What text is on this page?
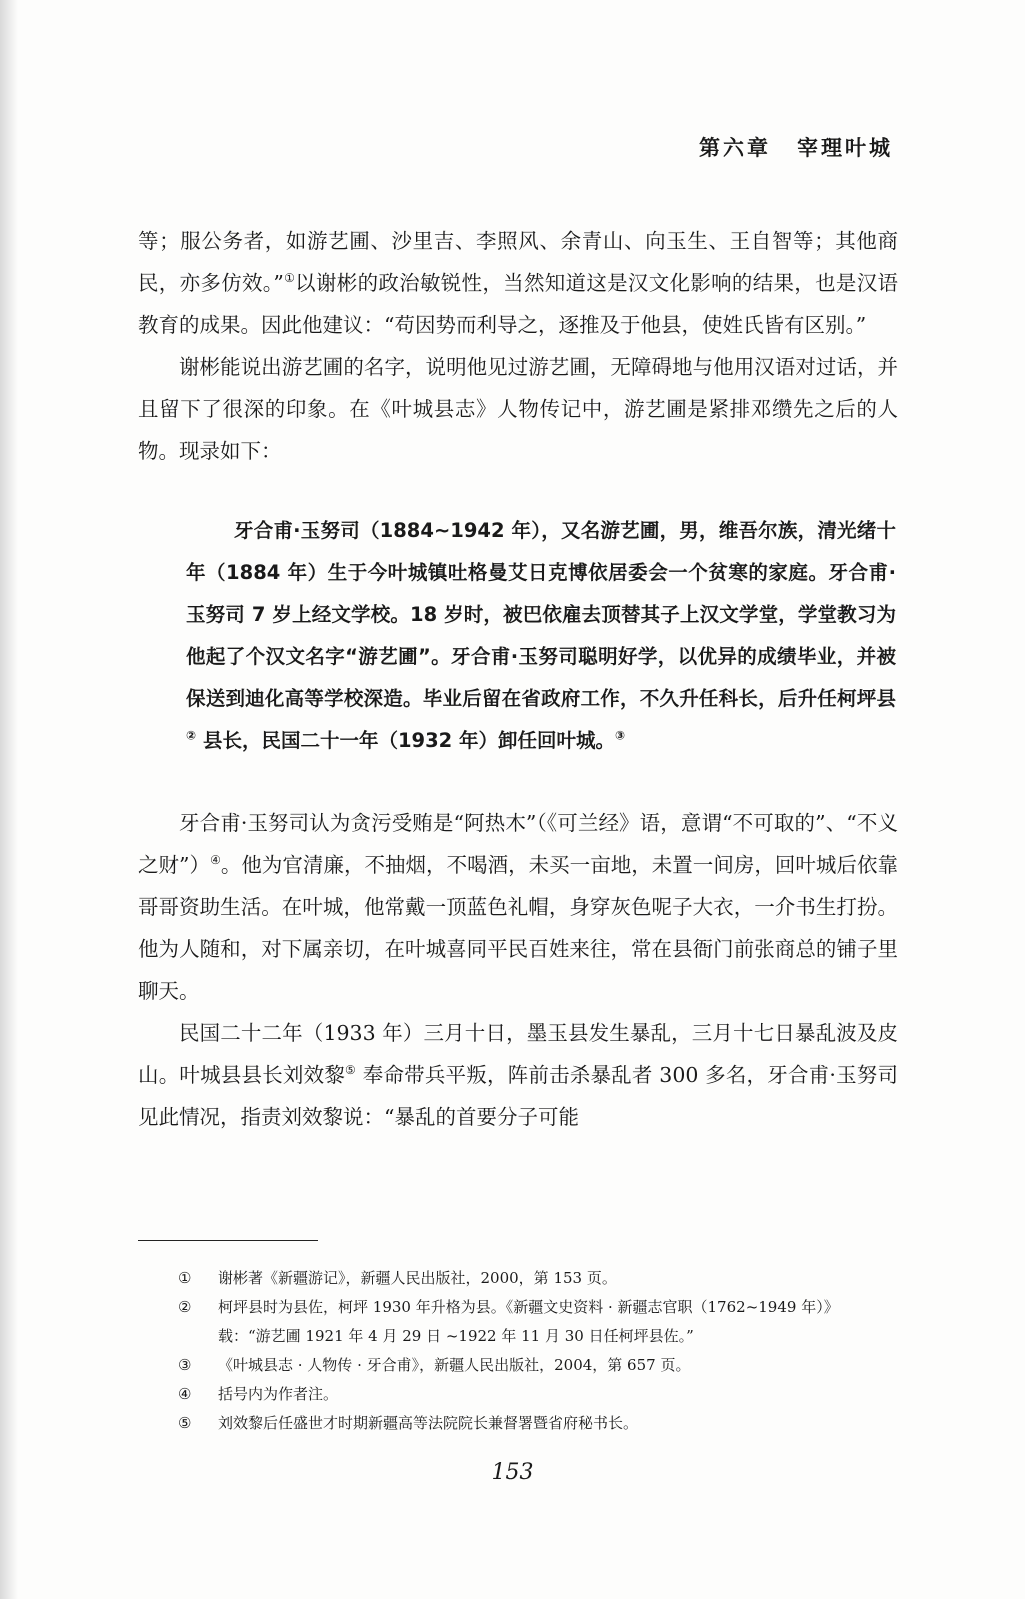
第六章 宰理叶城

等；服公务者，如游艺圃、沙里吉、李照风、余青山、向玉生、王自智等；其他商民，亦多仿效。”①以谢彬的政治敏锐性，当然知道这是汉文化影响的结果，也是汉语教育的成果。因此他建议：“苟因势而利导之，逐推及于他县，使姓氏皆有区别。”

谢彬能说出游艺圃的名字，说明他见过游艺圃，无障碍地与他用汉语对过话，并且留下了很深的印象。在《叶城县志》人物传记中，游艺圃是紧排邓缵先之后的人物。现录如下：

牙合甫·玉努司（1884~1942 年），又名游艺圃，男，维吾尔族，清光绪十年（1884 年）生于今叶城镇吐格曼艾日克博依居委会一个贫寒的家庭。牙合甫·玉努司 7 岁上经文学校。18 岁时，被巴依雇去顶替其子上汉文学堂，学堂教习为他起了个汉文名字“游艺圃”。牙合甫·玉努司聪明好学，以优异的成绩毕业，并被保送到迪化高等学校深造。毕业后留在省政府工作，不久升任科长，后升任柯坪县② 县长，民国二十一年（1932 年）卸任回叶城。③

牙合甫·玉努司认为贪污受贿是“阿热木”（《可兰经》语，意谓“不可取的”、“不义之财”）④。他为官清廉，不抽烟，不喝酒，未买一亩地，未置一间房，回叶城后依靠哥哥资助生活。在叶城，他常戴一顶蓝色礼帽，身穿灰色呢子大衣，一介书生打扮。他为人随和，对下属亲切，在叶城喜同平民百姓来往，常在县衙门前张商总的铺子里聊天。

民国二十二年（1933 年）三月十日，墨玉县发生暴乱，三月十七日暴乱波及皮山。叶城县县长刘效黎⑤ 奉命带兵平叛，阵前击杀暴乱者 300 多名，牙合甫·玉努司见此情况，指责刘效黎说：“暴乱的首要分子可能

① 谢彬著《新疆游记》，新疆人民出版社，2000，第 153 页。
② 柯坪县时为县佐，柯坪 1930 年升格为县。《新疆文史资料 · 新疆志官职（1762~1949 年）》载：“游艺圃 1921 年 4 月 29 日 ~1922 年 11 月 30 日任柯坪县佐。”
③ 《叶城县志 · 人物传 · 牙合甫》，新疆人民出版社，2004，第 657 页。
④ 括号内为作者注。
⑤ 刘效黎后任盛世才时期新疆高等法院院长兼督署暨省府秘书长。
153
